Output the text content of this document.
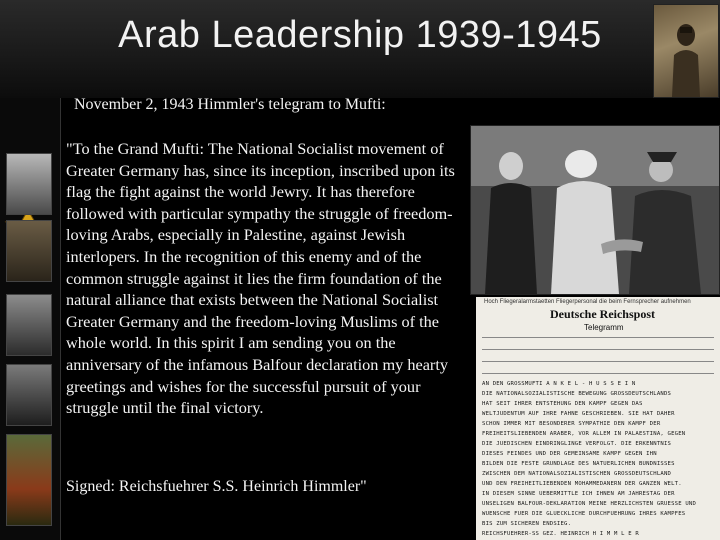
Arab Leadership 1939-1945
November 2, 1943 Himmler's telegram to Mufti:
"To the Grand Mufti: The National Socialist movement of Greater Germany has, since its inception, inscribed upon its flag the fight against the world Jewry. It has therefore followed with particular sympathy the struggle of freedom-loving Arabs, especially in Palestine, against Jewish interlopers. In the recognition of this enemy and of the common struggle against it lies the firm foundation of the natural alliance that exists between the National Socialist Greater Germany and the freedom-loving Muslims of the whole world. In this spirit I am sending you on the anniversary of the infamous Balfour declaration my hearty greetings and wishes for the successful pursuit of your struggle until the final victory.
Signed: Reichsfuehrer S.S. Heinrich Himmler"
Hoch Fliegeralarmstaetten Fliegerpersonal die beim Fernsprecher aufnehmen
Deutsche Reichspost
Telegramm
AN DEN GROSSMUFTI A N K E L - H U S S E I N
DIE NATIONALSOZIALISTISCHE BEWEGUNG GROSSDEUTSCHLANDS
HAT SEIT IHRER ENTSTEHUNG DEN KAMPF GEGEN DAS
WELTJUDENTUM AUF IHRE FAHNE GESCHRIEBEN. SIE HAT DAHER
SCHON IMMER MIT BESONDERER SYMPATHIE DEN KAMPF DER
FREIHEITSLIEBENDEN ARABER, VOR ALLEM IN PALAESTINA, GEGEN
DIE JUEDISCHEN EINDRINGLINGE VERFOLGT. DIE ERKENNTNIS
DIESES FEINDES UND DER GEMEINSAME KAMPF GEGEN IHN
BILDEN DIE FESTE GRUNDLAGE DES NATUERLICHEN BUNDNISSES
ZWISCHEN DEM NATIONALSOZIALISTISCHEN GROSSDEUTSCHLAND
UND DEN FREIHEITLIEBENDEN MOHAMMEDANERN DER GANZEN WELT.
IN DIESEM SINNE UEBERMITTLE ICH IHNEN AM JAHRESTAG DER
UNSELIGEN BALFOUR-DEKLARATION MEINE HERZLICHSTEN GRUESSE UND
WUENSCHE FUER DIE GLUECKLICHE DURCHFUEHRUNG IHRES KAMPFES
BIS ZUM SICHEREN ENDSIEG.
REICHSFUEHRER-SS GEZ. HEINRICH H I M M L E R
